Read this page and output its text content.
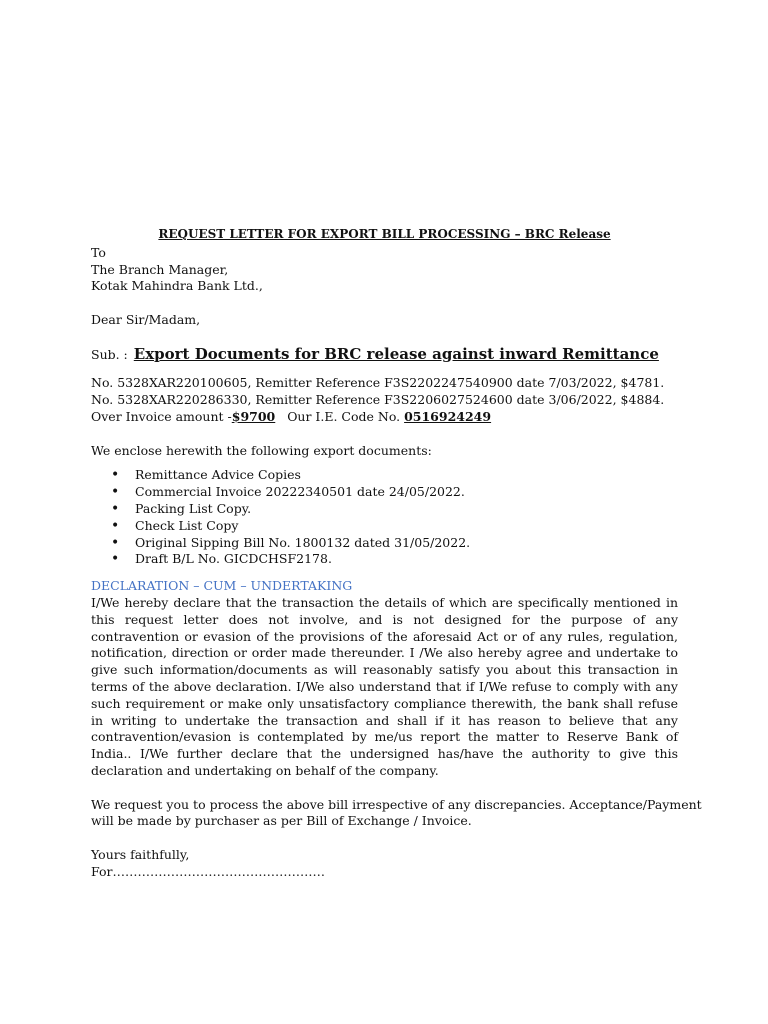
REQUEST LETTER FOR EXPORT BILL PROCESSING – BRC Release
To
The Branch Manager,
Kotak Mahindra Bank Ltd.,
Dear Sir/Madam,
Sub. : Export Documents for BRC release against inward Remittance
No. 5328XAR220100605, Remitter Reference F3S2202247540900 date 7/03/2022, $4781.
No. 5328XAR220286330, Remitter Reference F3S2206027524600 date 3/06/2022, $4884.
Over Invoice amount -$9700 Our I.E. Code No. 0516924249
We enclose herewith the following export documents:
• Remittance Advice Copies
• Commercial Invoice 20222340501 date 24/05/2022.
• Packing List Copy.
• Check List Copy
• Original Sipping Bill No. 1800132 dated 31/05/2022.
• Draft B/L No. GICDCHSF2178.
DECLARATION – CUM – UNDERTAKING
I/We hereby declare that the transaction the details of which are specifically mentioned in this request letter does not involve, and is not designed for the purpose of any contravention or evasion of the provisions of the aforesaid Act or of any rules, regulation, notification, direction or order made thereunder. I /We also hereby agree and undertake to give such information/documents as will reasonably satisfy you about this transaction in terms of the above declaration. I/We also understand that if I/We refuse to comply with any such requirement or make only unsatisfactory compliance therewith, the bank shall refuse in writing to undertake the transaction and shall if it has reason to believe that any contravention/evasion is contemplated by me/us report the matter to Reserve Bank of India.. I/We further declare that the undersigned has/have the authority to give this declaration and undertaking on behalf of the company.
We request you to process the above bill irrespective of any discrepancies. Acceptance/Payment
will be made by purchaser as per Bill of Exchange / Invoice.
Yours faithfully,
For……………………………………………
